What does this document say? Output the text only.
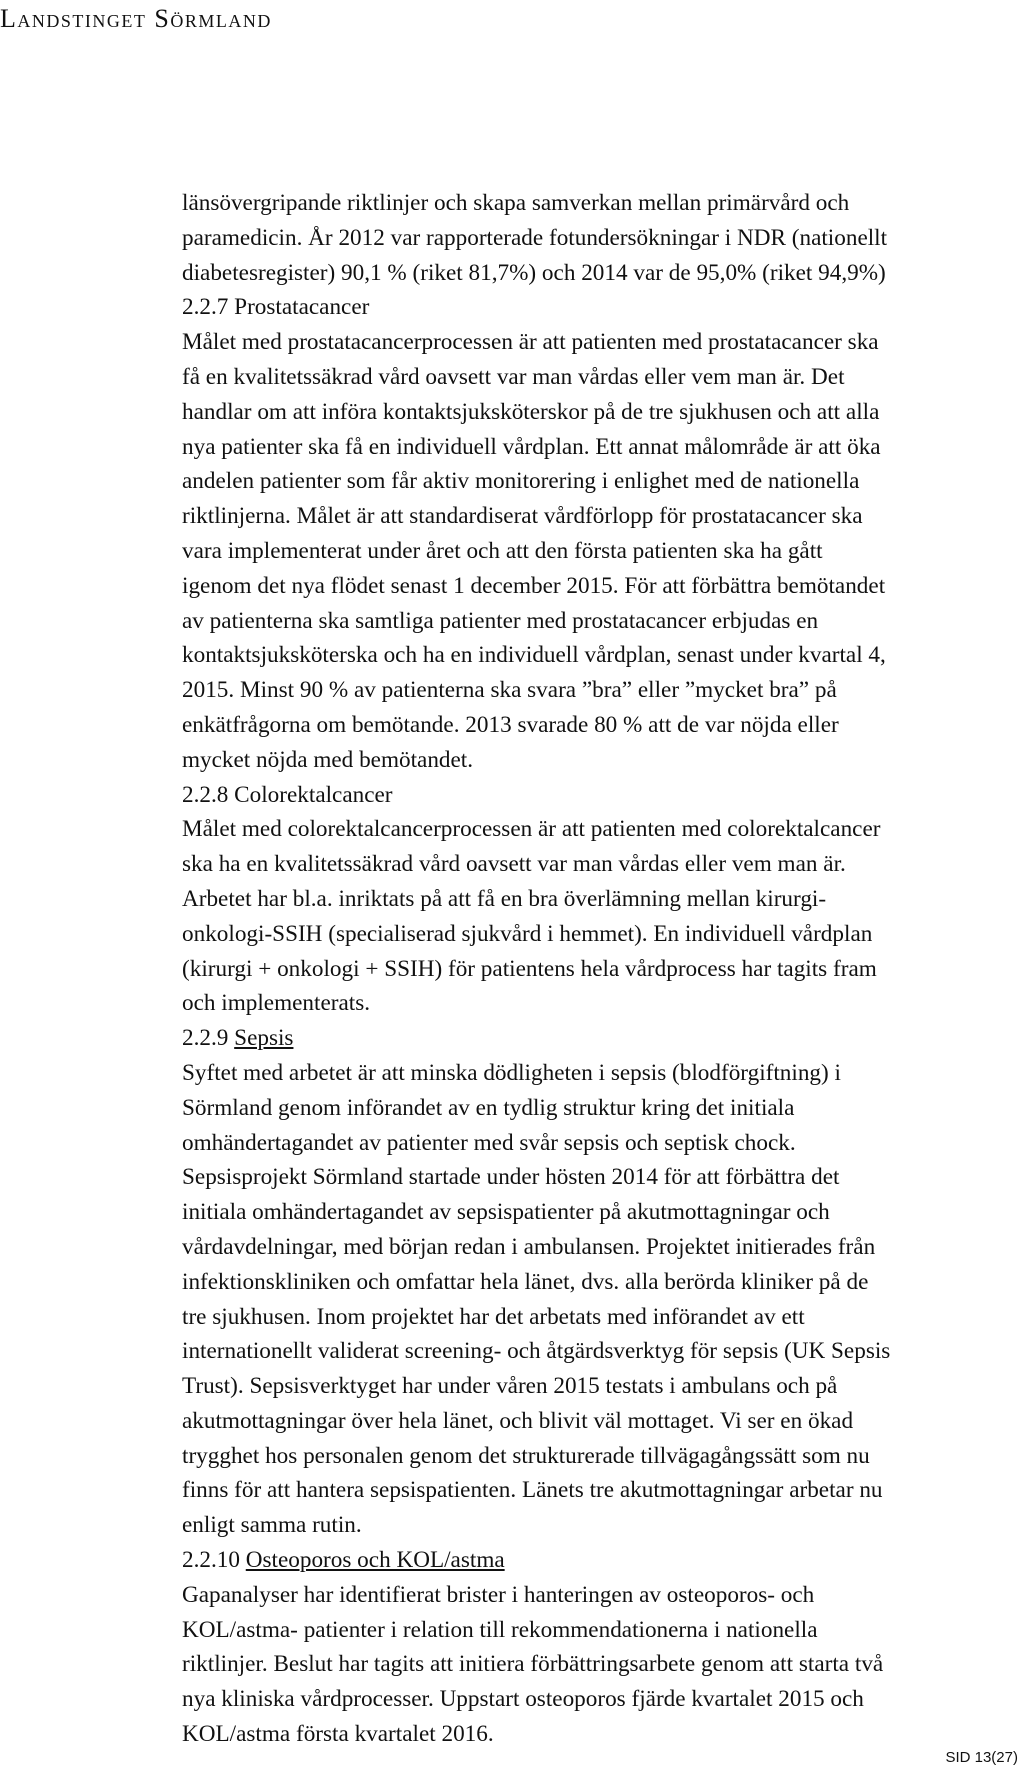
Landstinget Sörmland
länsövergripande riktlinjer och skapa samverkan mellan primärvård och
paramedicin. År 2012 var rapporterade fotundersökningar i NDR (nationellt
diabetesregister) 90,1 % (riket 81,7%) och 2014 var de 95,0% (riket 94,9%)
2.2.7 Prostatacancer
Målet med prostatacancerprocessen är att patienten med prostatacancer ska
få en kvalitetssäkrad vård oavsett var man vårdas eller vem man är. Det
handlar om att införa kontaktsjuksköterskor på de tre sjukhusen och att alla
nya patienter ska få en individuell vårdplan. Ett annat målområde är att öka
andelen patienter som får aktiv monitorering i enlighet med de nationella
riktlinjerna. Målet är att standardiserat vårdförlopp för prostatacancer ska
vara implementerat under året och att den första patienten ska ha gått
igenom det nya flödet senast 1 december 2015. För att förbättra bemötandet
av patienterna ska samtliga patienter med prostatacancer erbjudas en
kontaktsjuksköterska och ha en individuell vårdplan, senast under kvartal 4,
2015. Minst 90 % av patienterna ska svara ”bra” eller ”mycket bra” på
enkätfrågorna om bemötande. 2013 svarade 80 % att de var nöjda eller
mycket nöjda med bemötandet.
2.2.8 Colorektalcancer
Målet med colorektalcancerprocessen är att patienten med colorektalcancer
ska ha en kvalitetssäkrad vård oavsett var man vårdas eller vem man är.
Arbetet har bl.a. inriktats på att få en bra överlämning mellan kirurgi-
onkologi-SSIH (specialiserad sjukvård i hemmet). En individuell vårdplan
(kirurgi + onkologi + SSIH) för patientens hela vårdprocess har tagits fram
och implementerats.
2.2.9 Sepsis
Syftet med arbetet är att minska dödligheten i sepsis (blodförgiftning) i
Sörmland genom införandet av en tydlig struktur kring det initiala
omhändertagandet av patienter med svår sepsis och septisk chock.
Sepsisprojekt Sörmland startade under hösten 2014 för att förbättra det
initiala omhändertagandet av sepsispatienter på akutmottagningar och
vårdavdelningar, med början redan i ambulansen. Projektet initierades från
infektionskliniken och omfattar hela länet, dvs. alla berörda kliniker på de
tre sjukhusen. Inom projektet har det arbetats med införandet av ett
internationellt validerat screening- och åtgärdsverktyg för sepsis (UK Sepsis
Trust). Sepsisverktyget har under våren 2015 testats i ambulans och på
akutmottagningar över hela länet, och blivit väl mottaget. Vi ser en ökad
trygghet hos personalen genom det strukturerade tillvägagångssätt som nu
finns för att hantera sepsispatienten. Länets tre akutmottagningar arbetar nu
enligt samma rutin.
2.2.10 Osteoporos och KOL/astma
Gapanalyser har identifierat brister i hanteringen av osteoporos- och
KOL/astma- patienter i relation till rekommendationerna i nationella
riktlinjer. Beslut har tagits att initiera förbättringsarbete genom att starta två
nya kliniska vårdprocesser. Uppstart osteoporos fjärde kvartalet 2015 och
KOL/astma första kvartalet 2016.
SID 13(27)
